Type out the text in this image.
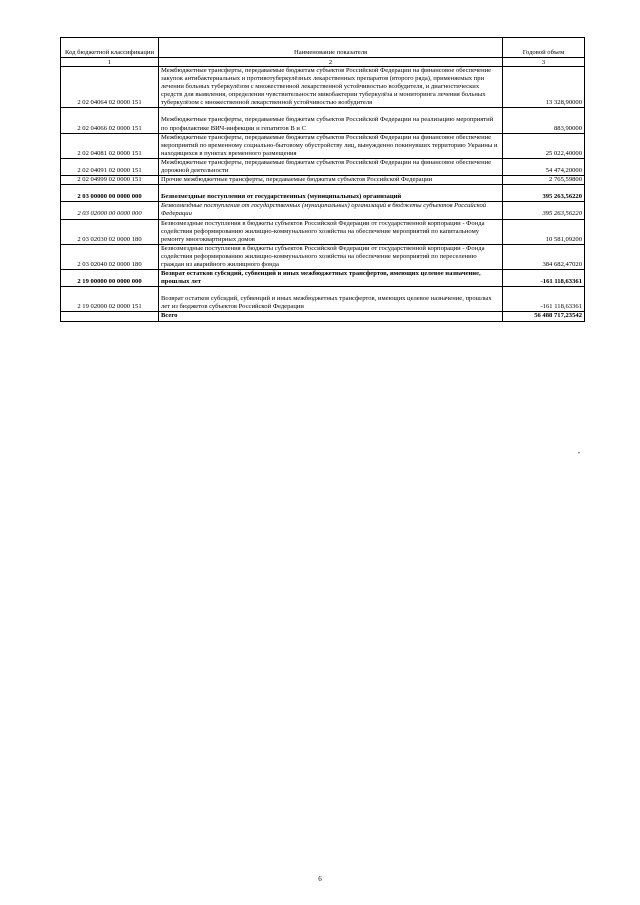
Код бюджетной классификации	Наименование показателя	Годовой объем
1	2	3
2 02 04064 02 0000 151	Межбюджетные трансферты, передаваемые бюджетам субъектов Российской Федерации на финансовое обеспечение закупок антибактериальных и противотуберкулёзных лекарственных препаратов (второго ряда), применяемых при лечении больных туберкулёзом с множественной лекарственной устойчивостью возбудителя, и диагностических средств для выявления, определения чувствительности микобактерии туберкулёза и мониторинга лечения больных туберкулёзом с множественной лекарственной устойчивостью возбудителя	13 328,90000
2 02 04066 02 0000 151	Межбюджетные трансферты, передаваемые бюджетам субъектов Российской Федерации на реализацию мероприятий по профилактике ВИЧ-инфекции и гепатитов В и С	883,90000
2 02 04081 02 0000 151	Межбюджетные трансферты, передаваемые бюджетам субъектов Российской Федерации на финансовое обеспечение мероприятий по временному социально-бытовому обустройству лиц, вынужденно покинувших территорию Украины и находящихся в пунктах временного размещения	25 022,40000
2 02 04091 02 0000 151	Межбюджетные трансферты, передаваемые бюджетам субъектов Российской Федерации на финансовое обеспечение дорожной деятельности	54 474,20000
2 02 04999 02 0000 151	Прочие межбюджетные трансферты, передаваемые бюджетам субъектов Российской Федерации	2 765,59800
2 03 00000 00 0000 000	Безвозмездные поступления от государственных (муниципальных) организаций	395 263,56220
2 03 02000 00 0000 000	Безвозмездные поступления от государственных (муниципальных) организаций в бюджеты субъектов Российской Федерации	395 263,56220
2 03 02030 02 0000 180	Безвозмездные поступления в бюджеты субъектов Российской Федерации от государственной корпорации - Фонда содействия реформированию жилищно-коммунального хозяйства на обеспечение мероприятий по капитальному ремонту многоквартирных домов	10 581,09200
2 03 02040 02 0000 180	Безвозмездные поступления в бюджеты субъектов Российской Федерации от государственной корпорации - Фонда содействия реформированию жилищно-коммунального хозяйства на обеспечение мероприятий по переселению граждан из аварийного жилищного фонда	384 682,47020
2 19 00000 00 0000 000	Возврат остатков субсидий, субвенций и иных межбюджетных трансфертов, имеющих целевое назначение, прошлых лет	-161 118,63361
2 19 02000 02 0000 151	Возврат остатков субсидий, субвенций и иных межбюджетных трансфертов, имеющих целевое назначение, прошлых лет из бюджетов субъектов Российской Федерации	-161 118,63361
	Всего	56 488 717,23542
"
6
